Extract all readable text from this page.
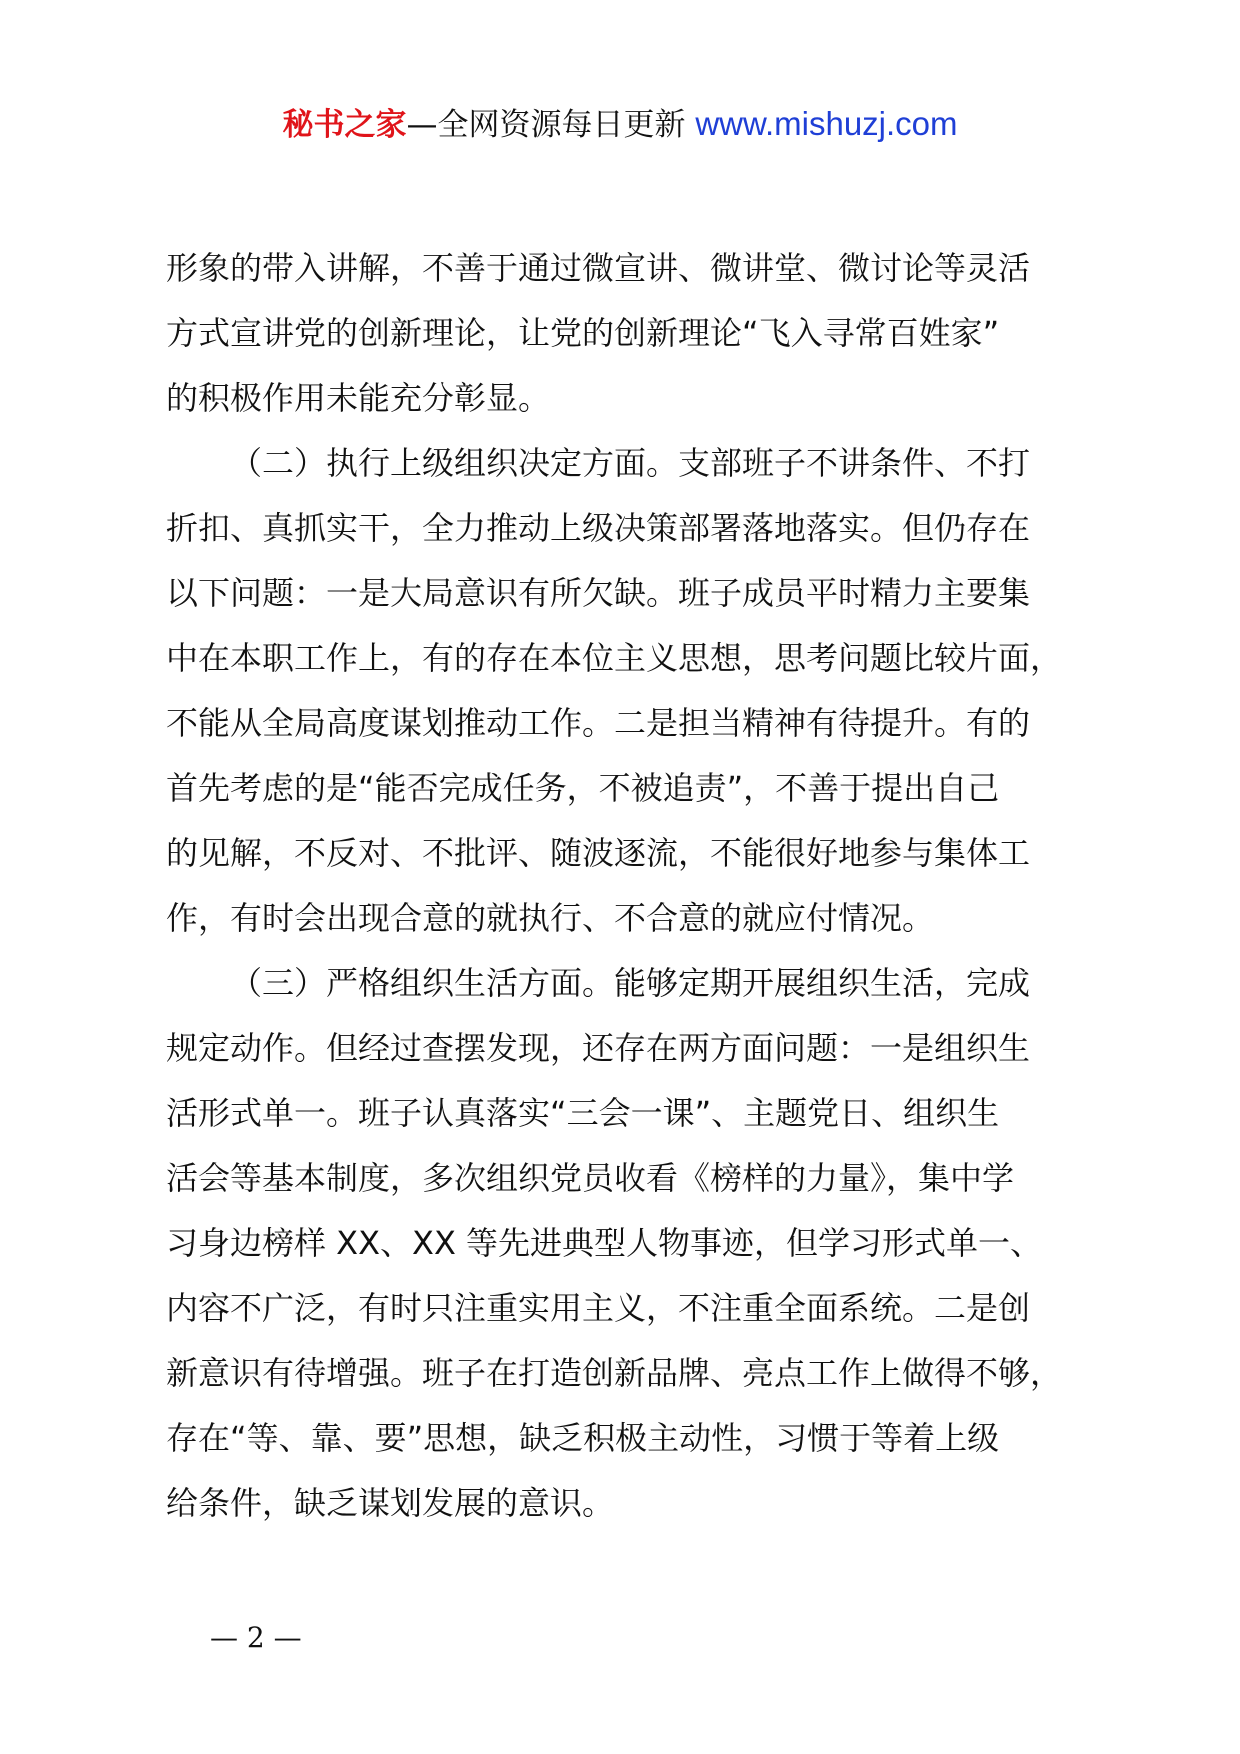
秘书之家—全网资源每日更新 www.mishuzj.com
形象的带入讲解，不善于通过微宣讲、微讲堂、微讨论等灵活
方式宣讲党的创新理论，让党的创新理论“飞入寻常百姓家”
的积极作用未能充分彰显。
（二）执行上级组织决定方面。支部班子不讲条件、不打
折扣、真抓实干，全力推动上级决策部署落地落实。但仍存在
以下问题：一是大局意识有所欠缺。班子成员平时精力主要集
中在本职工作上，有的存在本位主义思想，思考问题比较片面，
不能从全局高度谋划推动工作。二是担当精神有待提升。有的
首先考虑的是“能否完成任务，不被追责”，不善于提出自己
的见解，不反对、不批评、随波逐流，不能很好地参与集体工
作，有时会出现合意的就执行、不合意的就应付情况。
（三）严格组织生活方面。能够定期开展组织生活，完成
规定动作。但经过查摆发现，还存在两方面问题：一是组织生
活形式单一。班子认真落实“三会一课”、主题党日、组织生
活会等基本制度，多次组织党员收看《榜样的力量》，集中学
习身边榜样 XX、XX 等先进典型人物事迹，但学习形式单一、
内容不广泛，有时只注重实用主义，不注重全面系统。二是创
新意识有待增强。班子在打造创新品牌、亮点工作上做得不够，
存在“等、靠、要”思想，缺乏积极主动性，习惯于等着上级
给条件，缺乏谋划发展的意识。
— 2 —
